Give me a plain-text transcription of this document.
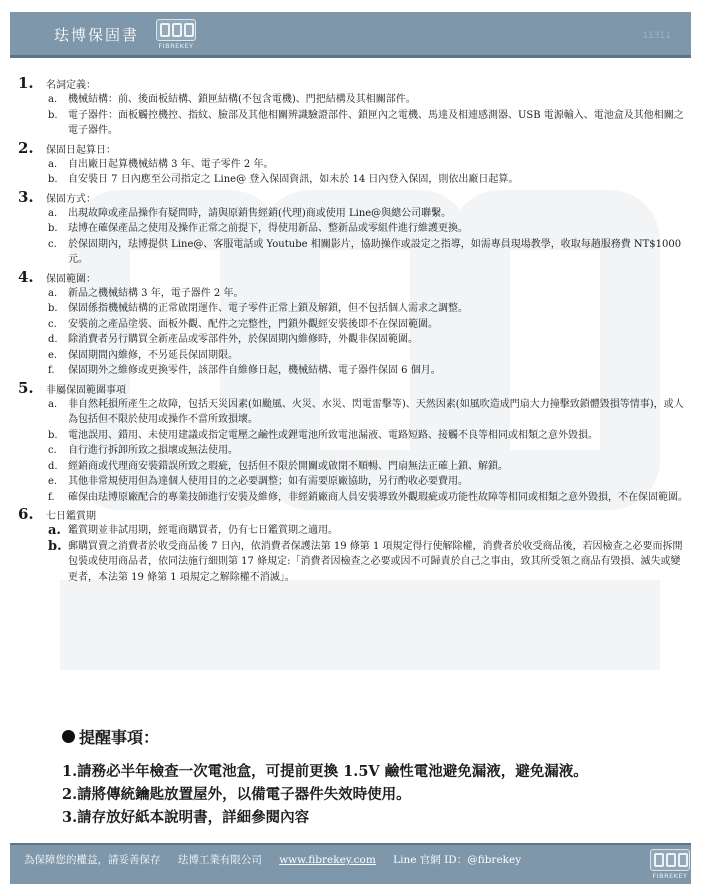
珐博保固書
FIBREKEY
11311
1.	名詞定義：
a.	機械結構：前、後面板結構、鎖匣結構(不包含電機)、門把結構及其相關部件。
b.	電子器件：面板觸控機控、指紋、臉部及其他相關辨識驗證部件、鎖匣內之電機、馬達及相連感測器、USB 電源輸入、電池盒及其他相關之電子器件。
2.	保固日起算日：
a.	自出廠日起算機械結構 3 年、電子零件 2 年。
b.	自安裝日 7 日內應至公司指定之 Line@ 登入保固資訊，如未於 14 日內登入保固，則依出廠日起算。
3.	保固方式：
a.	出現故障或產品操作有疑問時，請與原銷售經銷(代理)商或使用 Line@與總公司聯繫。
b.	珐博在確保產品之使用及操作正常之前提下，得使用新品、整新品或零組件進行維護更換。
c.	於保固期內，珐博提供 Line@、客服電話或 Youtube 相關影片，協助操作或設定之指導，如需專員現場教學，收取每趟服務費 NT$1000 元。
4.	保固範圍：
a.	新品之機械結構 3 年，電子器件 2 年。
b.	保固係指機械結構的正常啟閉運作、電子零件正常上鎖及解鎖，但不包括個人需求之調整。
c.	安裝前之產品塗裝、面板外觀、配件之完整性，門鎖外觀經安裝後即不在保固範圍。
d.	除消費者另行購買全新產品或零部件外，於保固期內維修時，外觀非保固範圍。
e.	保固期間內維修，不另延長保固期限。
f.	保固期外之維修或更換零件，該部件自維修日起，機械結構、電子器件保固 6 個月。
5.	非屬保固範圍事項
a.	非自然耗損所產生之故障，包括天災因素(如颱風、火災、水災、閃電雷擊等)、天然因素(如風吹造成門扇大力撞擊致鎖體毀損等情事)，或人為包括但不限於使用或操作不當所致損壞。
b.	電池誤用、錯用、未使用建議或指定電壓之鹼性或鋰電池所致電池漏液、電路短路、接觸不良等相同或相類之意外毀損。
c.	自行進行拆卸所致之損壞或無法使用。
d.	經銷商或代理商安裝錯誤所致之瑕疵，包括但不限於開關或啟閉不順暢、門扇無法正確上鎖、解鎖。
e.	其他非常規使用但為達個人使用目的之必要調整；如有需要原廠協助，另行酌收必要費用。
f.	確保由珐博原廠配合的專業技師進行安裝及維修，非經銷廠商人員安裝導致外觀瑕疵或功能性故障等相同或相類之意外毀損，不在保固範圍。
6.	七日鑑賞期
a. 鑑賞期並非試用期，經電商購買者，仍有七日鑑賞期之適用。
b. 郵購買賣之消費者於收受商品後 7 日內，依消費者保護法第 19 條第 1 項規定得行使解除權，消費者於收受商品後，若因檢查之必要而拆開包裝或使用商品者，依同法施行細則第 17 條規定:「消費者因檢查之必要或因不可歸責於自己之事由，致其所受領之商品有毀損、滅失或變更者，本法第 19 條第 1 項規定之解除權不消滅」。
提醒事項：
1.請務必半年檢查一次電池盒，可提前更換 1.5V 鹼性電池避免漏液，避免漏液。
2.請將傳統鑰匙放置屋外，以備電子器件失效時使用。
3.請存放好紙本說明書，詳細參閱內容
為保障您的權益，請妥善保存 珐博工業有限公司 www.fibrekey.com Line 官網 ID：@fibrekey
FIBREKEY
